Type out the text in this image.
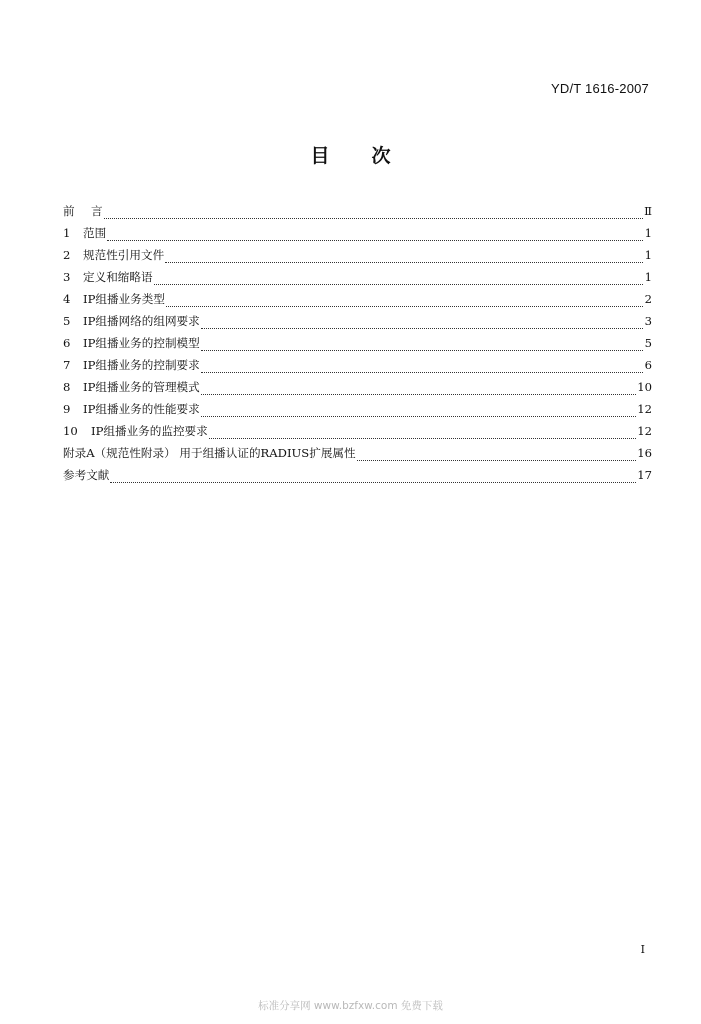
YD/T 1616-2007
目 次
前	言	Ⅱ
1	范围	1
2	规范性引用文件	1
3	定义和缩略语	1
4	IP组播业务类型	2
5	IP组播网络的组网要求	3
6	IP组播业务的控制模型	5
7	IP组播业务的控制要求	6
8	IP组播业务的管理模式	10
9	IP组播业务的性能要求	12
10	IP组播业务的监控要求	12
附录A（规范性附录） 用于组播认证的RADIUS扩展属性	16
参考文献	17
I
标准分享网 www.bzfxw.com 免费下载
